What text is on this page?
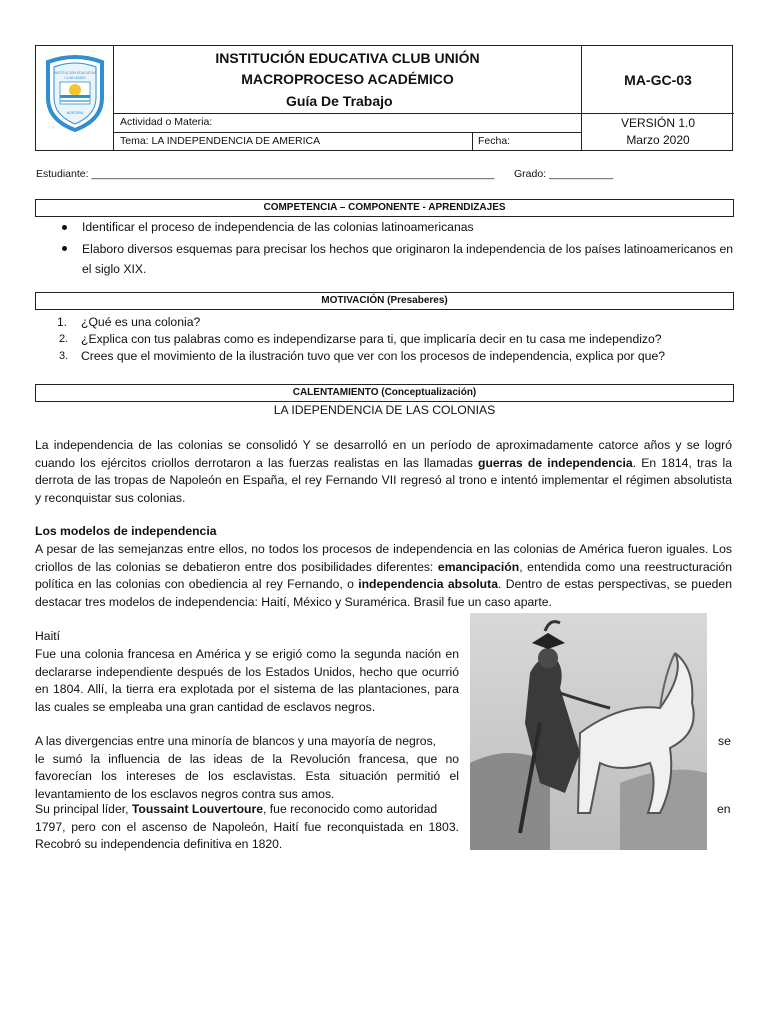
INSTITUCION EDUCATIVA
CLUB UNION
MONTERIA
INSTITUCIÓN EDUCATIVA CLUB UNIÓN
MACROPROCESO ACADÉMICO
Guía De Trabajo
Actividad o Materia:
Tema: LA INDEPENDENCIA DE AMERICA	Fecha:
MA-GC-03
VERSIÓN 1.0
Marzo 2020
Estudiante: _____________________________________________________________________ Grado: ___________
COMPETENCIA – COMPONENTE - APRENDIZAJES
Identificar el proceso de independencia de las colonias latinoamericanas
Elaboro diversos esquemas para precisar los hechos que originaron la independencia de los países latinoamericanos en el siglo XIX.
MOTIVACIÓN (Presaberes)
1. ¿Qué es una colonia?
2. ¿Explica con tus palabras como es independizarse para ti, que implicaría decir en tu casa me independizo?
3. Crees que el movimiento de la ilustración tuvo que ver con los procesos de independencia, explica por que?
CALENTAMIENTO (Conceptualización)
LA IDEPENDENCIA DE LAS COLONIAS
La independencia de las colonias se consolidó Y se desarrolló en un período de aproximadamente catorce años y se logró cuando los ejércitos criollos derrotaron a las fuerzas realistas en las llamadas guerras de independencia. En 1814, tras la derrota de las tropas de Napoleón en España, el rey Fernando VII regresó al trono e intentó implementar el régimen absolutista y reconquistar sus colonias.
Los modelos de independencia
A pesar de las semejanzas entre ellos, no todos los procesos de independencia en las colonias de América fueron iguales. Los criollos de las colonias se debatieron entre dos posibilidades diferentes: emancipación, entendida como una reestructuración política en las colonias con obediencia al rey Fernando, o independencia absoluta. Dentro de estas perspectivas, se pueden destacar tres modelos de independencia: Haití, México y Suramérica. Brasil fue un caso aparte.
Haití
Fue una colonia francesa en América y se erigió como la segunda nación en declararse independiente después de los Estados Unidos, hecho que ocurrió en 1804. Allí, la tierra era explotada por el sistema de las plantaciones, para las cuales se empleaba una gran cantidad de esclavos negros.
A las divergencias entre una minoría de blancos y una mayoría de negros,
le sumó la influencia de las ideas de la Revolución francesa, que no favorecían los intereses de los esclavistas. Esta situación permitió el levantamiento de los esclavos negros contra sus amos.
se
Su principal líder, Toussaint Louvertoure, fue reconocido como autoridad
1797, pero con el ascenso de Napoleón, Haití fue reconquistada en 1803. Recobró su independencia definitiva en 1820.
en
